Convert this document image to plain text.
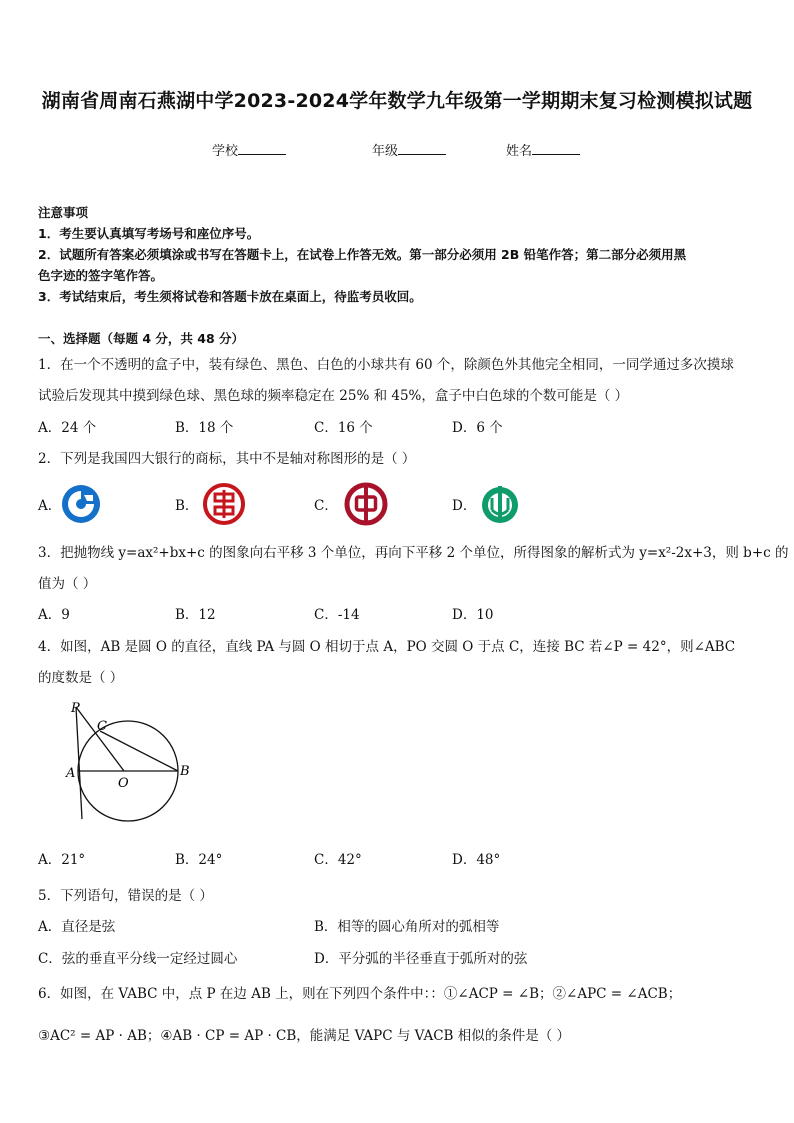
湖南省周南石燕湖中学2023-2024学年数学九年级第一学期期末复习检测模拟试题
学校	年级	姓名
注意事项
1．考生要认真填写考场号和座位序号。
2．试题所有答案必须填涂或书写在答题卡上，在试卷上作答无效。第一部分必须用 2B 铅笔作答；第二部分必须用黑
色字迹的签字笔作答。
3．考试结束后，考生须将试卷和答题卡放在桌面上，待监考员收回。
一、选择题（每题 4 分，共 48 分）
1．在一个不透明的盒子中，装有绿色、黑色、白色的小球共有 60 个，除颜色外其他完全相同，一同学通过多次摸球
试验后发现其中摸到绿色球、黑色球的频率稳定在 25% 和 45%，盒子中白色球的个数可能是（ ）
A．24 个	B．18 个	C．16 个	D．6 个
2．下列是我国四大银行的商标，其中不是轴对称图形的是（ ）
A．	B．	C．	D．
3．把抛物线 y=ax²+bx+c 的图象向右平移 3 个单位，再向下平移 2 个单位，所得图象的解析式为 y=x²-2x+3，则 b+c 的
值为（ ）
A．9	B．12	C．-14	D．10
4．如图，AB 是圆 O 的直径，直线 PA 与圆 O 相切于点 A，PO 交圆 O 于点 C，连接 BC 若∠P = 42°，则∠ABC
的度数是（ ）
P
C
A
O
B
A．21°	B．24°	C．42°	D．48°
5．下列语句，错误的是（ ）
A．直径是弦	B．相等的圆心角所对的弧相等
C．弦的垂直平分线一定经过圆心	D．平分弧的半径垂直于弧所对的弦
6．如图，在 VABC 中，点 P 在边 AB 上，则在下列四个条件中：：①∠ACP = ∠B；②∠APC = ∠ACB；
③AC² = AP · AB；④AB · CP = AP · CB，能满足 VAPC 与 VACB 相似的条件是（ ）
